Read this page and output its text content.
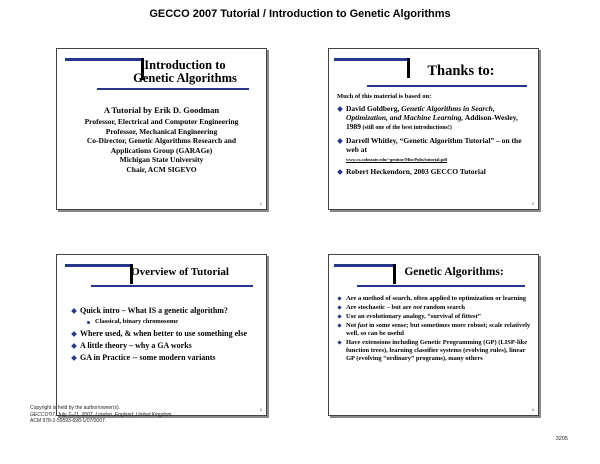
GECCO 2007 Tutorial / Introduction to Genetic Algorithms
Introduction to
Genetic Algorithms
A Tutorial by Erik D. Goodman
Professor, Electrical and Computer Engineering
Professor, Mechanical Engineering
Co-Director, Genetic Algorithms Research and
Applications Group (GARAGe)
Michigan State University
Chair, ACM SIGEVO
1
Thanks to:
Much of this material is based on:
David Goldberg, Genetic Algorithms in Search, Optimization, and Machine Learning, Addison-Wesley, 1989 (still one of the best introductions!)
Darrell Whitley, “Genetic Algorithm Tutorial” – on the web at
www.cs.colostate.edu/~genitor/MiscPubs/tutorial.pdf
Robert Heckendorn, 2003 GECCO Tutorial
2
Overview of Tutorial
Quick intro – What IS a genetic algorithm?
Classical, binary chromosome
Where used, & when better to use something else
A little theory – why a GA works
GA in Practice -- some modern variants
3
Genetic Algorithms:
Are a method of search, often applied to optimization or learning
Are stochastic – but are not random search
Use an evolutionary analogy, “survival of fittest”
Not fast in some sense; but sometimes more robust; scale relatively well, so can be useful
Have extensions including Genetic Programming (GP) (LISP-like function trees), learning classifier systems (evolving rules), linear GP (evolving “ordinary” programs), many others
4
Copyright is held by the author/owner(s).
GECCO'07, July 7–11, 2007, London, England, United Kingdom.
ACM 978-1-59593-698-1/07/0007.
3205
